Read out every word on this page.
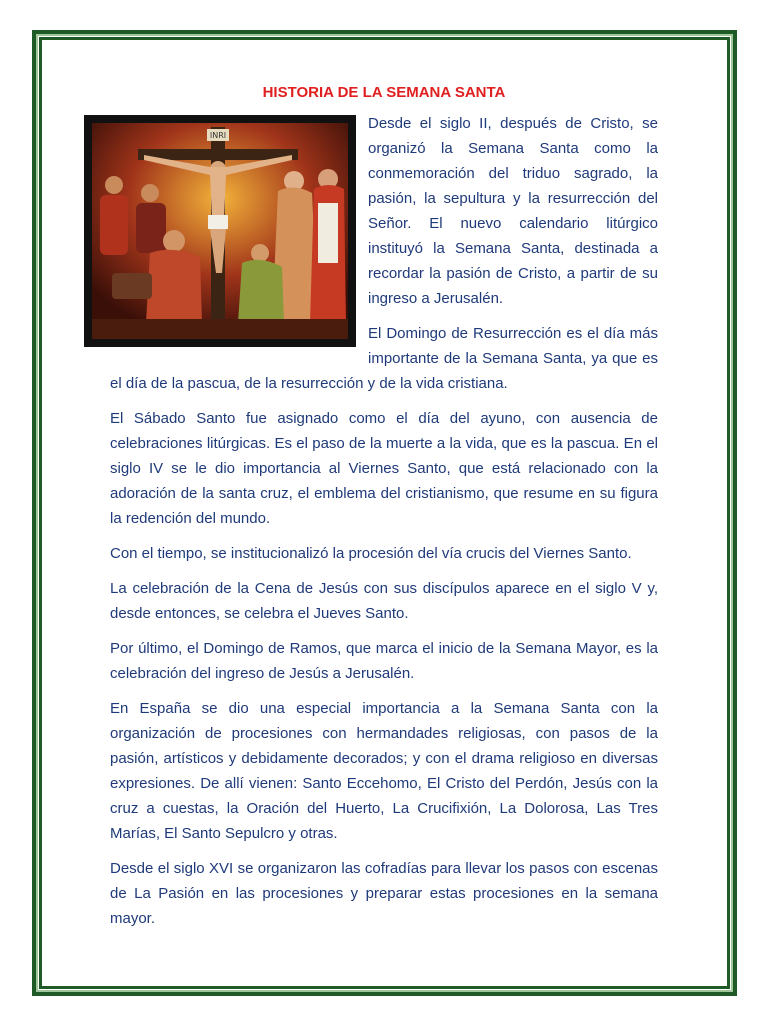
HISTORIA DE LA SEMANA SANTA
INRI

Desde el siglo II, después de Cristo, se organizó la Semana Santa como la conmemoración del triduo sagrado, la pasión, la sepultura y la resurrección del Señor. El nuevo calendario litúrgico instituyó la Semana Santa, destinada a recordar la pasión de Cristo, a partir de su ingreso a Jerusalén.

El Domingo de Resurrección es el día más importante de la Semana Santa, ya que es el día de la pascua, de la resurrección y de la vida cristiana.

El Sábado Santo fue asignado como el día del ayuno, con ausencia de celebraciones litúrgicas. Es el paso de la muerte a la vida, que es la pascua. En el siglo IV se le dio importancia al Viernes Santo, que está relacionado con la adoración de la santa cruz, el emblema del cristianismo, que resume en su figura la redención del mundo.

Con el tiempo, se institucionalizó la procesión del vía crucis del Viernes Santo.

La celebración de la Cena de Jesús con sus discípulos aparece en el siglo V y, desde entonces, se celebra el Jueves Santo.

Por último, el Domingo de Ramos, que marca el inicio de la Semana Mayor, es la celebración del ingreso de Jesús a Jerusalén.

En España se dio una especial importancia a la Semana Santa con la organización de procesiones con hermandades religiosas, con pasos de la pasión, artísticos y debidamente decorados; y con el drama religioso en diversas expresiones. De allí vienen: Santo Eccehomo, El Cristo del Perdón, Jesús con la cruz a cuestas, la Oración del Huerto, La Crucifixión, La Dolorosa, Las Tres Marías, El Santo Sepulcro y otras.

Desde el siglo XVI se organizaron las cofradías para llevar los pasos con escenas de La Pasión en las procesiones y preparar estas procesiones en la semana mayor.
